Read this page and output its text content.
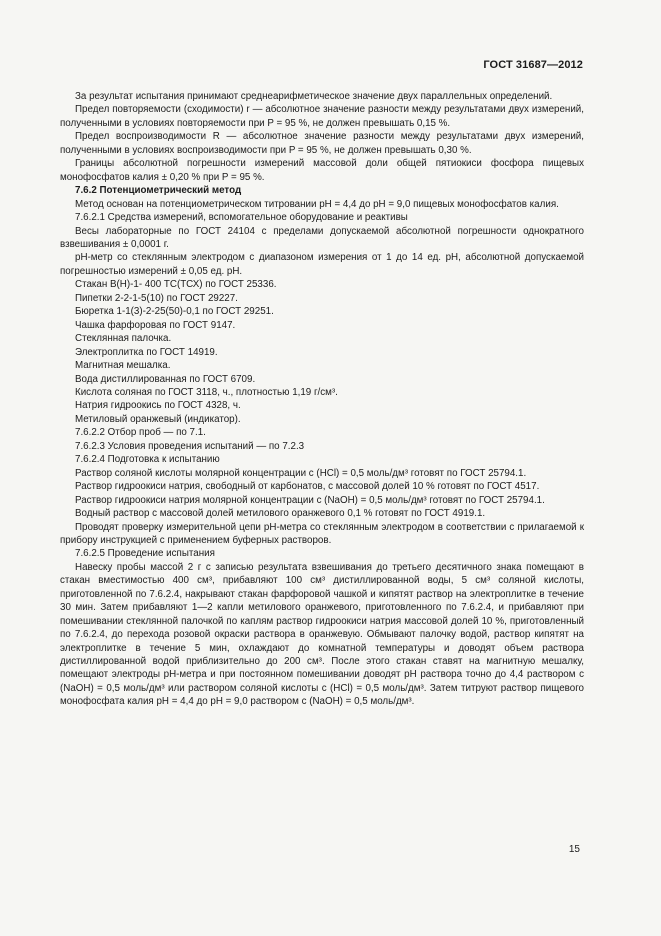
ГОСТ 31687—2012

За результат испытания принимают среднеарифметическое значение двух параллельных определений.

Предел повторяемости (сходимости) r — абсолютное значение разности между результатами двух измерений, полученными в условиях повторяемости при P = 95 %, не должен превышать 0,15 %.

Предел воспроизводимости R — абсолютное значение разности между результатами двух измерений, полученными в условиях воспроизводимости при P = 95 %, не должен превышать 0,30 %.

Границы абсолютной погрешности измерений массовой доли общей пятиокиси фосфора пищевых монофосфатов калия ± 0,20 % при P = 95 %.

7.6.2 Потенциометрический метод

Метод основан на потенциометрическом титровании pH = 4,4 до pH = 9,0 пищевых монофосфатов калия.

7.6.2.1 Средства измерений, вспомогательное оборудование и реактивы

Весы лабораторные по ГОСТ 24104 с пределами допускаемой абсолютной погрешности однократного взвешивания ± 0,0001 г.

pH-метр со стеклянным электродом с диапазоном измерения от 1 до 14 ед. pH, абсолютной допускаемой погрешностью измерений ± 0,05 ед. pH.

Стакан В(Н)-1- 400 ТС(ТСХ) по ГОСТ 25336.

Пипетки 2-2-1-5(10) по ГОСТ 29227.

Бюретка 1-1(3)-2-25(50)-0,1 по ГОСТ 29251.

Чашка фарфоровая по ГОСТ 9147.

Стеклянная палочка.

Электроплитка по ГОСТ 14919.

Магнитная мешалка.

Вода дистиллированная по ГОСТ 6709.

Кислота соляная по ГОСТ 3118, ч., плотностью 1,19 г/см³.

Натрия гидроокись по ГОСТ 4328, ч.

Метиловый оранжевый (индикатор).

7.6.2.2 Отбор проб — по 7.1.

7.6.2.3 Условия проведения испытаний — по 7.2.3

7.6.2.4 Подготовка к испытанию

Раствор соляной кислоты молярной концентрации с (HCl) = 0,5 моль/дм³ готовят по ГОСТ 25794.1.

Раствор гидроокиси натрия, свободный от карбонатов, с массовой долей 10 % готовят по ГОСТ 4517.

Раствор гидроокиси натрия молярной концентрации с (NaOH) = 0,5 моль/дм³ готовят по ГОСТ 25794.1.

Водный раствор с массовой долей метилового оранжевого 0,1 % готовят по ГОСТ 4919.1.

Проводят проверку измерительной цепи pH-метра со стеклянным электродом в соответствии с прилагаемой к прибору инструкцией с применением буферных растворов.

7.6.2.5 Проведение испытания

Навеску пробы массой 2 г с записью результата взвешивания до третьего десятичного знака помещают в стакан вместимостью 400 см³, прибавляют 100 см³ дистиллированной воды, 5 см³ соляной кислоты, приготовленной по 7.6.2.4, накрывают стакан фарфоровой чашкой и кипятят раствор на электроплитке в течение 30 мин. Затем прибавляют 1—2 капли метилового оранжевого, приготовленного по 7.6.2.4, и прибавляют при помешивании стеклянной палочкой по каплям раствор гидроокиси натрия массовой долей 10 %, приготовленный по 7.6.2.4, до перехода розовой окраски раствора в оранжевую. Обмывают палочку водой, раствор кипятят на электроплитке в течение 5 мин, охлаждают до комнатной температуры и доводят объем раствора дистиллированной водой приблизительно до 200 см³. После этого стакан ставят на магнитную мешалку, помещают электроды pH-метра и при постоянном помешивании доводят pH раствора точно до 4,4 раствором с (NaOH) = 0,5 моль/дм³ или раствором соляной кислоты с (HCl) = 0,5 моль/дм³. Затем титруют раствор пищевого монофосфата калия pH = 4,4 до pH = 9,0 раствором с (NaOH) = 0,5 моль/дм³.

15
